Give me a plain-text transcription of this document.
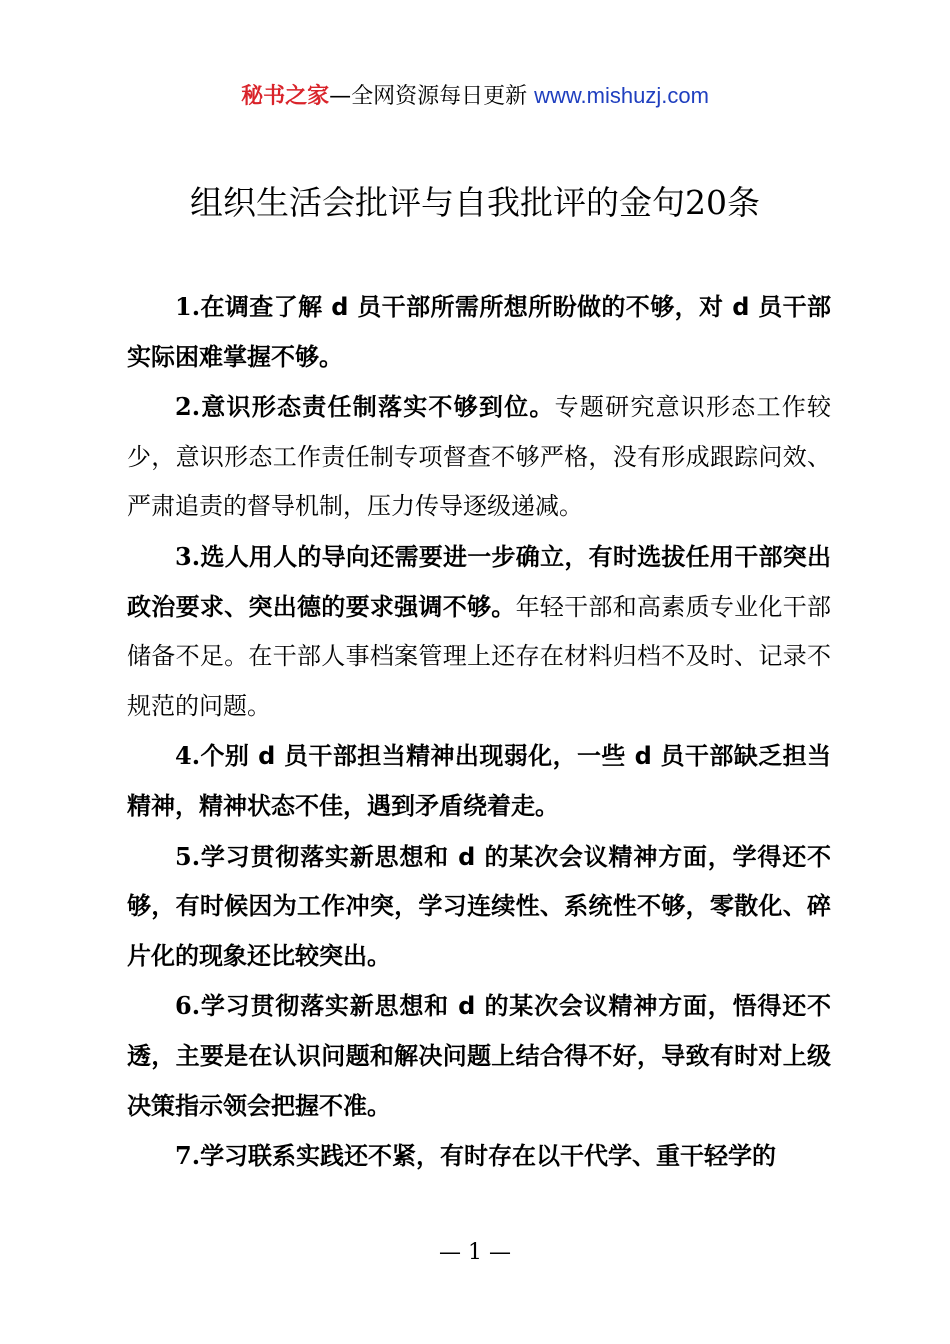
秘书之家—全网资源每日更新 www.mishuzj.com
组织生活会批评与自我批评的金句20条

1.在调查了解 d 员干部所需所想所盼做的不够，对 d 员干部实际困难掌握不够。

2.意识形态责任制落实不够到位。专题研究意识形态工作较少，意识形态工作责任制专项督查不够严格，没有形成跟踪问效、严肃追责的督导机制，压力传导逐级递减。

3.选人用人的导向还需要进一步确立，有时选拔任用干部突出政治要求、突出德的要求强调不够。年轻干部和高素质专业化干部储备不足。在干部人事档案管理上还存在材料归档不及时、记录不规范的问题。

4.个别 d 员干部担当精神出现弱化，一些 d 员干部缺乏担当精神，精神状态不佳，遇到矛盾绕着走。

5.学习贯彻落实新思想和 d 的某次会议精神方面，学得还不够，有时候因为工作冲突，学习连续性、系统性不够，零散化、碎片化的现象还比较突出。

6.学习贯彻落实新思想和 d 的某次会议精神方面，悟得还不透，主要是在认识问题和解决问题上结合得不好，导致有时对上级决策指示领会把握不准。

7.学习联系实践还不紧，有时存在以干代学、重干轻学的

— 1 —
